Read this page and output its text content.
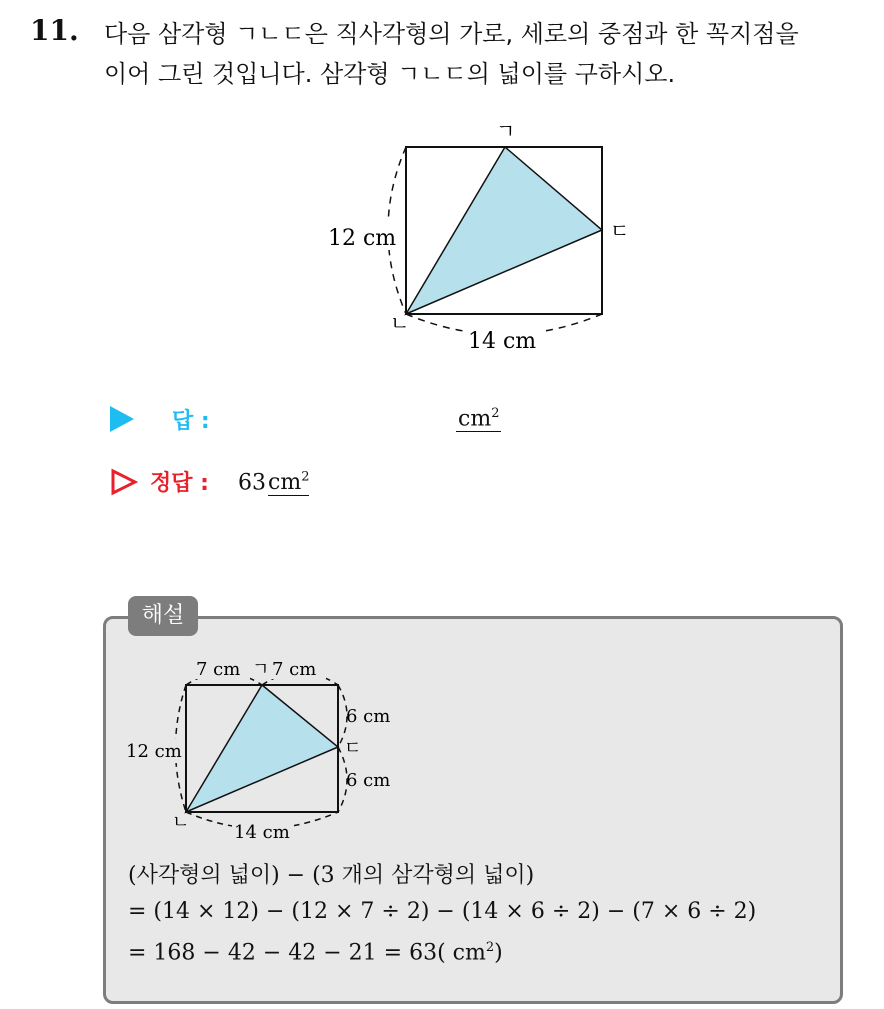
11. 다음 삼각형 ㄱㄴㄷ은 직사각형의 가로, 세로의 중점과 한 꼭지점을
이어 그린 것입니다. 삼각형 ㄱㄴㄷ의 넓이를 구하시오.
12 cm
14 cm
ㄱ
ㄴ
ㄷ
답 :	$cm^2$
정답 : $63cm^2$
해설
7 cm ㄱ 7 cm
6 cm
ㄷ
6 cm
12 cm
ㄴ 14 cm
(사각형의 넓이) − (3 개의 삼각형의 넓이)
= (14 × 12) − (12 × 7 ÷ 2) − (14 × 6 ÷ 2) − (7 × 6 ÷ 2)
= 168 − 42 − 42 − 21 = 63( $cm^2$)
